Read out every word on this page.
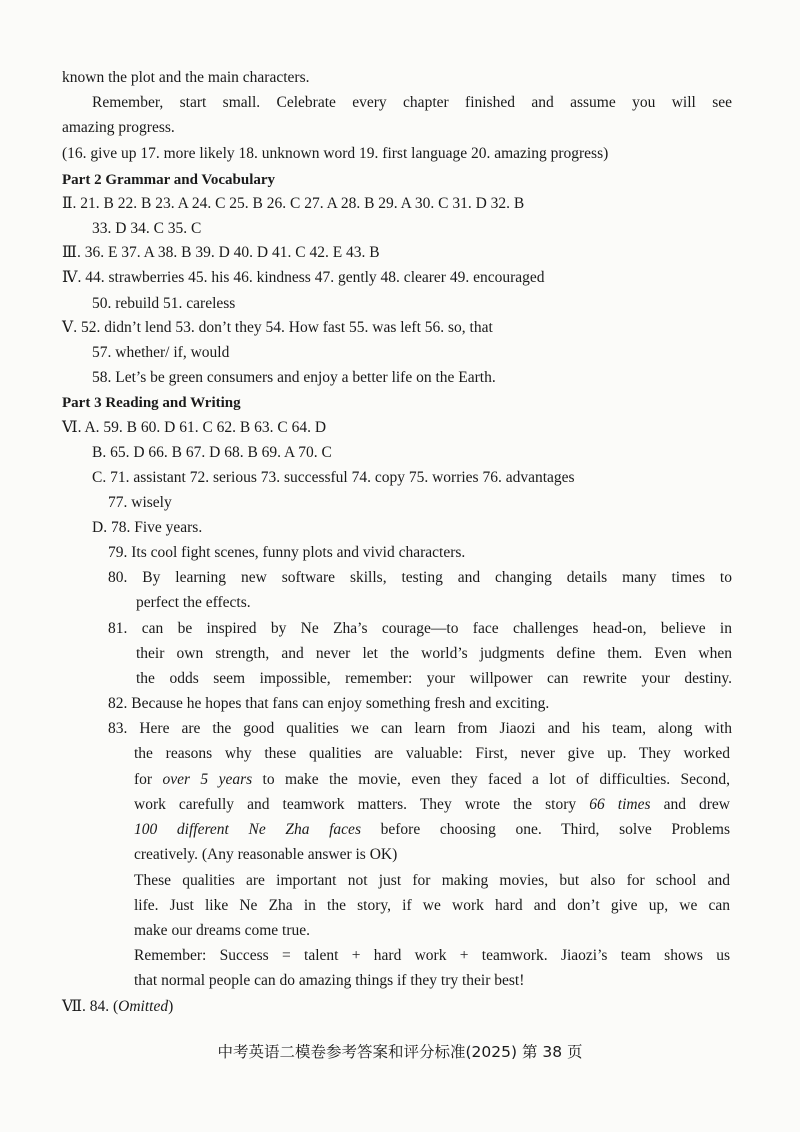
known the plot and the main characters.
Remember, start small. Celebrate every chapter finished and assume you will see
amazing progress.
(16. give up 17. more likely 18. unknown word 19. first language 20. amazing progress)
Part 2 Grammar and Vocabulary
Ⅱ. 21. B 22. B 23. A 24. C 25. B 26. C 27. A 28. B 29. A 30. C 31. D 32. B
33. D 34. C 35. C
Ⅲ. 36. E 37. A 38. B 39. D 40. D 41. C 42. E 43. B
Ⅳ. 44. strawberries 45. his 46. kindness 47. gently 48. clearer 49. encouraged
50. rebuild 51. careless
Ⅴ. 52. didn’t lend 53. don’t they 54. How fast 55. was left 56. so, that
57. whether/ if, would
58. Let’s be green consumers and enjoy a better life on the Earth.
Part 3 Reading and Writing
Ⅵ. A. 59. B 60. D 61. C 62. B 63. C 64. D
B. 65. D 66. B 67. D 68. B 69. A 70. C
C. 71. assistant 72. serious 73. successful 74. copy 75. worries 76. advantages
77. wisely
D. 78. Five years.
79. Its cool fight scenes, funny plots and vivid characters.
80. By learning new software skills, testing and changing details many times to
perfect the effects.
81. can be inspired by Ne Zha’s courage—to face challenges head-on, believe in
their own strength, and never let the world’s judgments define them. Even when
the odds seem impossible, remember: your willpower can rewrite your destiny.
82. Because he hopes that fans can enjoy something fresh and exciting.
83. Here are the good qualities we can learn from Jiaozi and his team, along with
the reasons why these qualities are valuable: First, never give up. They worked
for over 5 years to make the movie, even they faced a lot of difficulties. Second,
work carefully and teamwork matters. They wrote the story 66 times and drew
100 different Ne Zha faces before choosing one. Third, solve Problems
creatively. (Any reasonable answer is OK)
These qualities are important not just for making movies, but also for school and
life. Just like Ne Zha in the story, if we work hard and don’t give up, we can
make our dreams come true.
Remember: Success = talent + hard work + teamwork. Jiaozi’s team shows us
that normal people can do amazing things if they try their best!
Ⅶ. 84. (Omitted)
中考英语二模卷参考答案和评分标准(2025) 第 38 页
